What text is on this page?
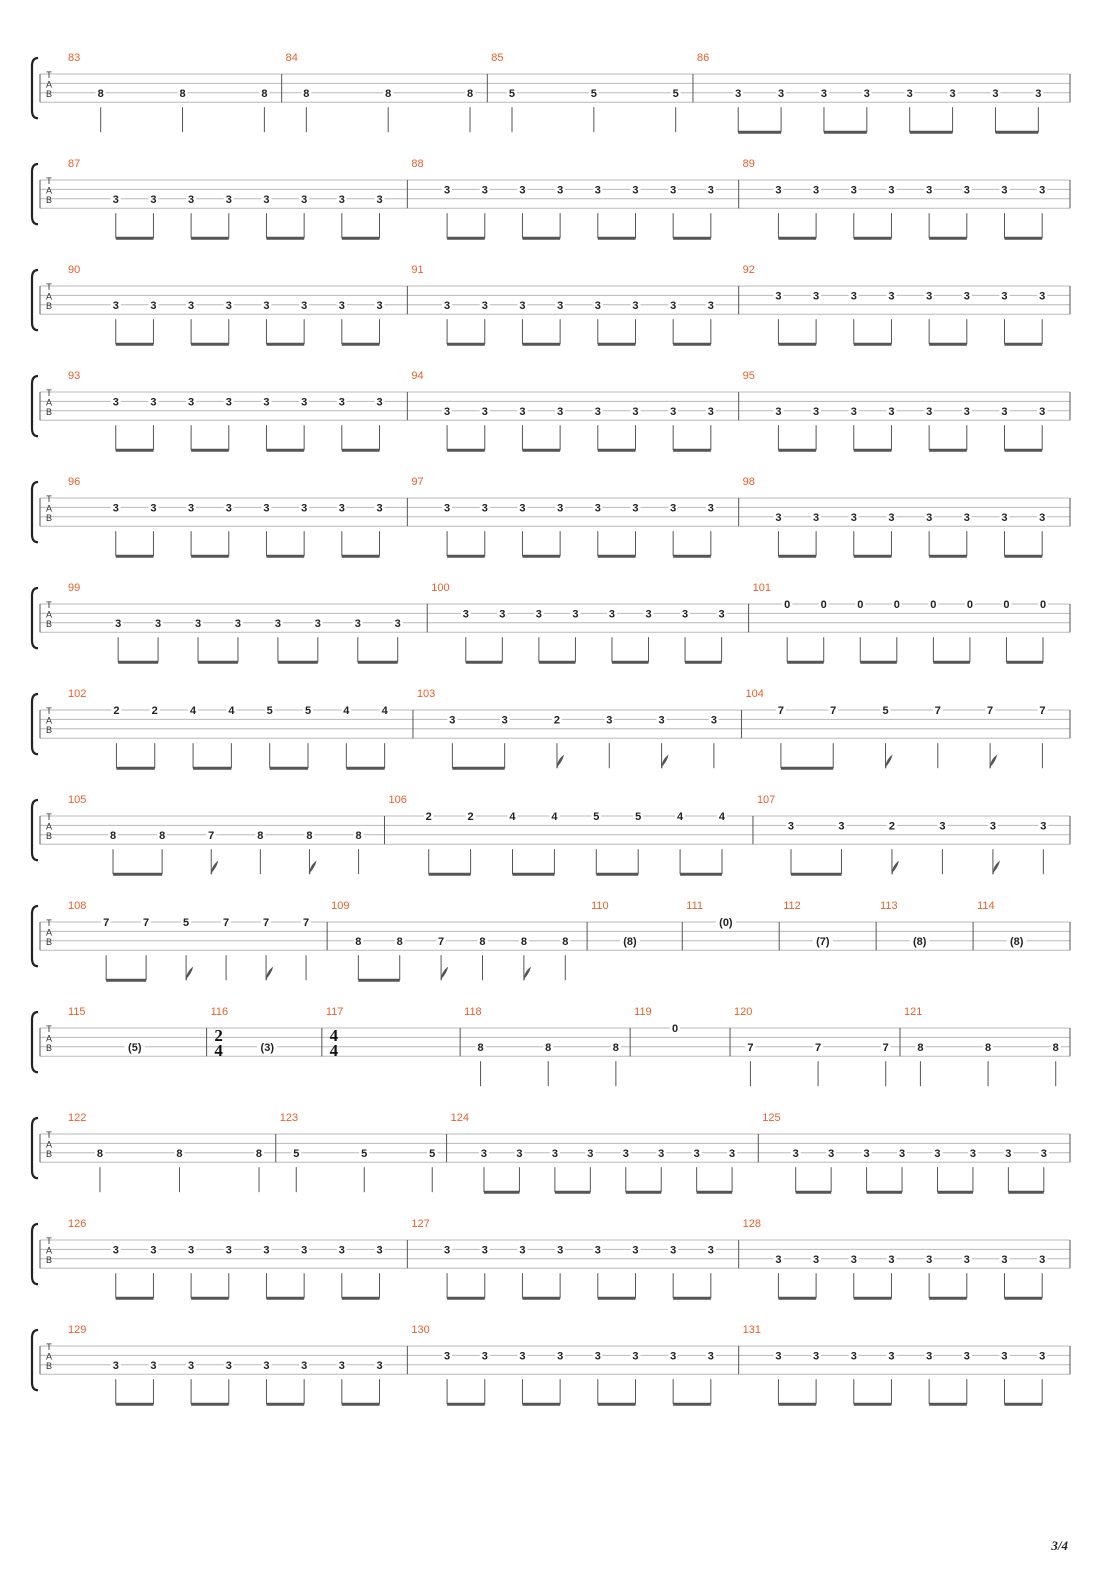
T
A
B
83
8	8	8
84
8	8	8
85
5	5	5
86
3	3	3	3	3	3	3	3
T
A
B
87
3	3	3	3	3	3	3	3
88
3	3	3	3	3	3	3	3
89
3	3	3	3	3	3	3	3
T
A
B
90
3	3	3	3	3	3	3	3
91
3	3	3	3	3	3	3	3
92
3	3	3	3	3	3	3	3
T
A
B
93
3	3	3	3	3	3	3	3
94
3	3	3	3	3	3	3	3
95
3	3	3	3	3	3	3	3
T
A
B
96
3	3	3	3	3	3	3	3
97
3	3	3	3	3	3	3	3
98
3	3	3	3	3	3	3	3
T
A
B
99
3	3	3	3	3	3	3	3
100
3	3	3	3	3	3	3	3
101
0	0	0	0	0	0	0	0
T
A
B
102
2	2	4	4	5	5	4	4
103
3	3	2	3	3	3
104
7	7	5	7	7	7
T
A
B
105
8	8	7	8	8	8
106
2	2	4	4	5	5	4	4
107
3	3	2	3	3	3
T
A
B
108
7	7	5	7	7	7
109
8	8	7	8	8	8
110
(8)
111
(0)
112
(7)
113
(8)
114
(8)
T
A
B
115
(5)
116
2
4	(3)
117
4
4
118
8	8	8
119
0
120
7	7	7
121
8	8	8
T
A
B
122
8	8	8
123
5	5	5
124
3	3	3	3	3	3	3	3
125
3	3	3	3	3	3	3	3
T
A
B
126
3	3	3	3	3	3	3	3
127
3	3	3	3	3	3	3	3
128
3	3	3	3	3	3	3	3
T
A
B
129
3	3	3	3	3	3	3	3
130
3	3	3	3	3	3	3	3
131
3	3	3	3	3	3	3	3
3/4
